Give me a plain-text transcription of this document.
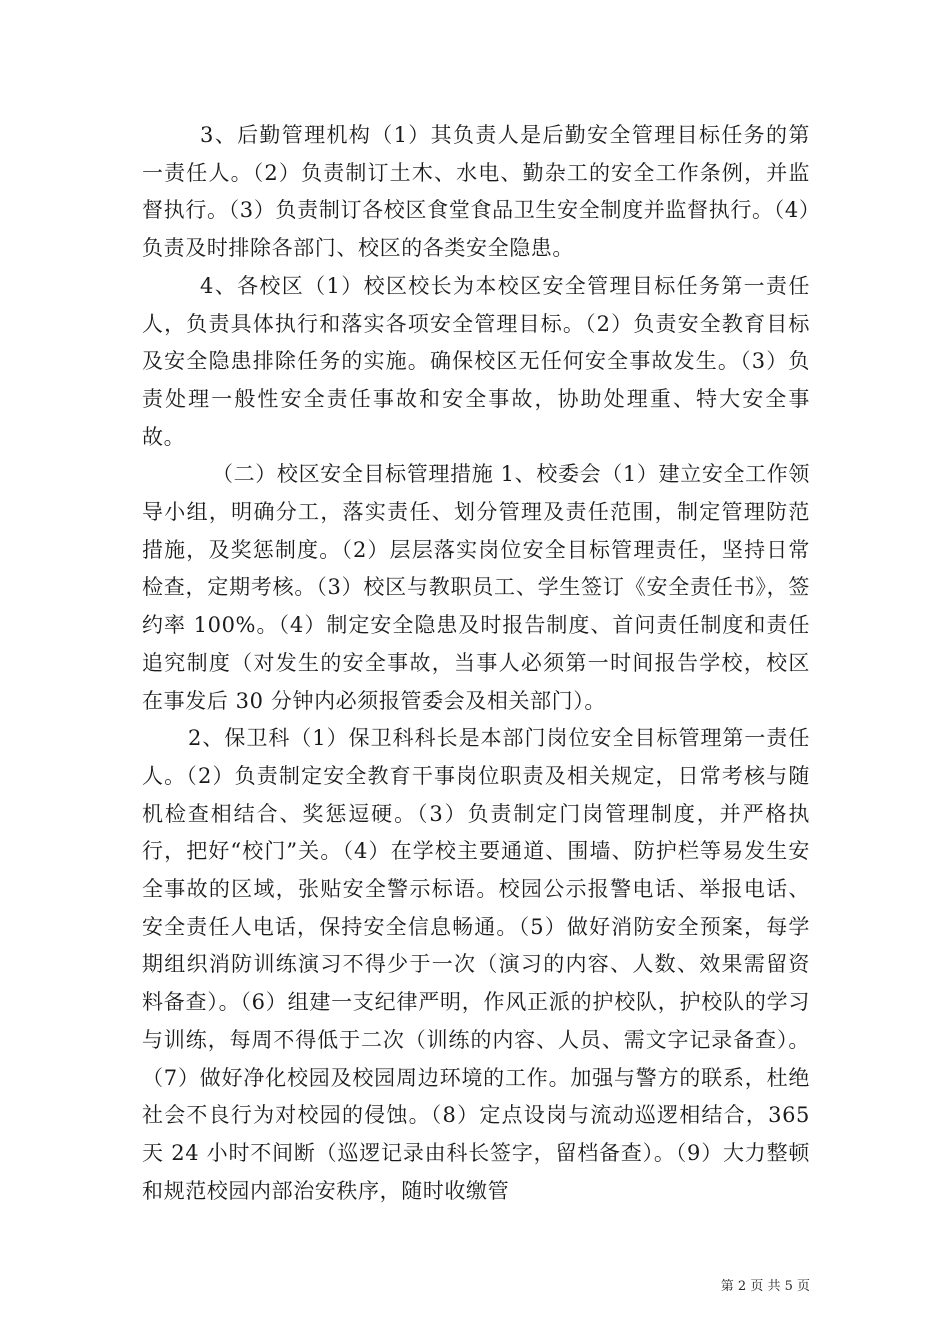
3、后勤管理机构（1）其负责人是后勤安全管理目标任务的第一责任人。（2）负责制订土木、水电、勤杂工的安全工作条例，并监督执行。（3）负责制订各校区食堂食品卫生安全制度并监督执行。（4）负责及时排除各部门、校区的各类安全隐患。

4、各校区（1）校区校长为本校区安全管理目标任务第一责任人，负责具体执行和落实各项安全管理目标。（2）负责安全教育目标及安全隐患排除任务的实施。确保校区无任何安全事故发生。（3）负责处理一般性安全责任事故和安全事故，协助处理重、特大安全事故。

（二）校区安全目标管理措施 1、校委会（1）建立安全工作领导小组，明确分工，落实责任、划分管理及责任范围，制定管理防范措施，及奖惩制度。（2）层层落实岗位安全目标管理责任，坚持日常检查，定期考核。（3）校区与教职员工、学生签订《安全责任书》，签约率 100%。（4）制定安全隐患及时报告制度、首问责任制度和责任追究制度（对发生的安全事故，当事人必须第一时间报告学校，校区在事发后 30 分钟内必须报管委会及相关部门）。

2、保卫科（1）保卫科科长是本部门岗位安全目标管理第一责任人。（2）负责制定安全教育干事岗位职责及相关规定，日常考核与随机检查相结合、奖惩逗硬。（3）负责制定门岗管理制度，并严格执行，把好“校门”关。（4）在学校主要通道、围墙、防护栏等易发生安全事故的区域，张贴安全警示标语。校园公示报警电话、举报电话、安全责任人电话，保持安全信息畅通。（5）做好消防安全预案，每学期组织消防训练演习不得少于一次（演习的内容、人数、效果需留资料备查）。（6）组建一支纪律严明，作风正派的护校队，护校队的学习与训练，每周不得低于二次（训练的内容、人员、需文字记录备查）。（7）做好净化校园及校园周边环境的工作。加强与警方的联系，杜绝社会不良行为对校园的侵蚀。（8）定点设岗与流动巡逻相结合，365 天 24 小时不间断（巡逻记录由科长签字，留档备查）。（9）大力整顿和规范校园内部治安秩序，随时收缴管

第 2 页 共 5 页
